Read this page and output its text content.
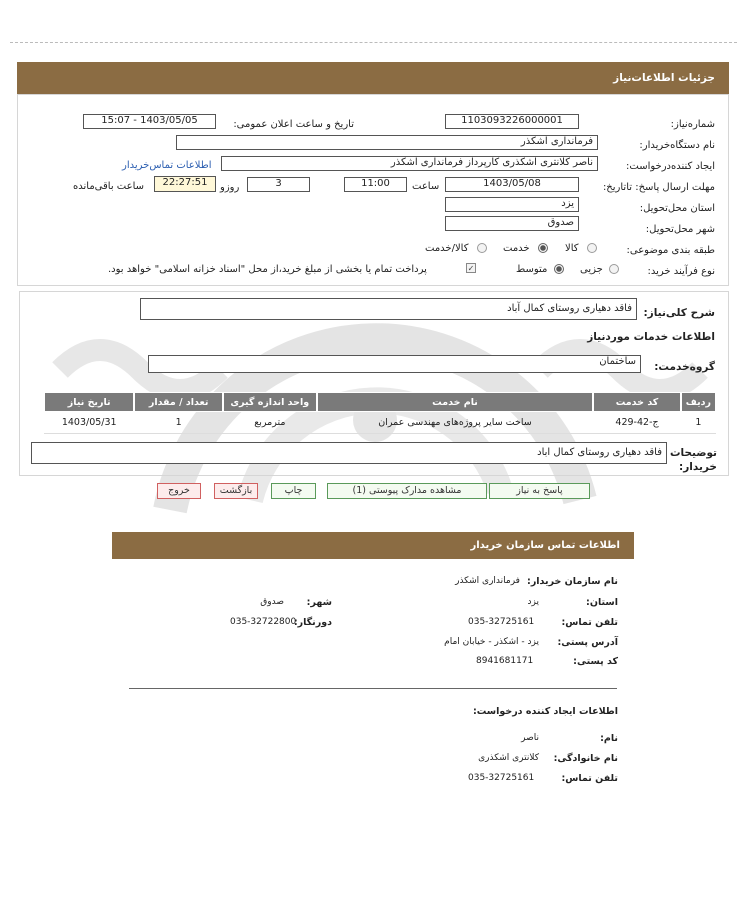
جزئیات اطلاعات‌نیاز
شماره‌نیاز:
1103093226000001
تاریخ و ساعت اعلان عمومی:
1403/05/05 - 15:07
نام دستگاه‌خریدار:
فرمانداری اشکذر
ایجاد کننده‌درخواست:
ناصر کلانتری اشکذری کارپرداز فرمانداری اشکذر
اطلاعات تماس‌خریدار
مهلت ارسال پاسخ: تاتاریخ:
1403/05/08
ساعت
11:00
3
روزو
22:27:51
ساعت باقی‌مانده
استان محل‌تحویل:
یزد
شهر محل‌تحویل:
صدوق
طبقه بندی موضوعی:
کالا
خدمت
کالا/خدمت
نوع فرآیند خرید:
جزیی
متوسط
✓
پرداخت تمام یا بخشی از مبلغ خرید،از محل "اسناد خزانه اسلامی" خواهد بود.
شرح کلی‌نیاز:
فاقد دهیاری روستای کمال آباد
اطلاعات خدمات موردنیاز
گروه‌خدمت:
ساختمان
ردیف	کد خدمت	نام خدمت	واحد اندازه گیری	تعداد / مقدار	تاریخ نیاز
1	ج-42-429	ساخت سایر پروژه‌های مهندسی عمران	مترمربع	1	1403/05/31
توضیحات خریدار:
فاقد دهیاری روستای کمال اباد
پاسخ به نیاز
مشاهده مدارک پیوستی (1)
چاپ
بازگشت
خروج
اطلاعات تماس سازمان خریدار
نام سازمان خریدار:
فرمانداری اشکذر
استان:
یزد
شهر:
صدوق
تلفن تماس:
035-32725161
دورنگار:
035-32722800
آدرس پستی:
یزد - اشکذر - خیابان امام
کد پستی:
8941681171
اطلاعات ایجاد کننده درخواست:
نام:
ناصر
نام خانوادگی:
کلانتری اشکذری
تلفن تماس:
035-32725161
